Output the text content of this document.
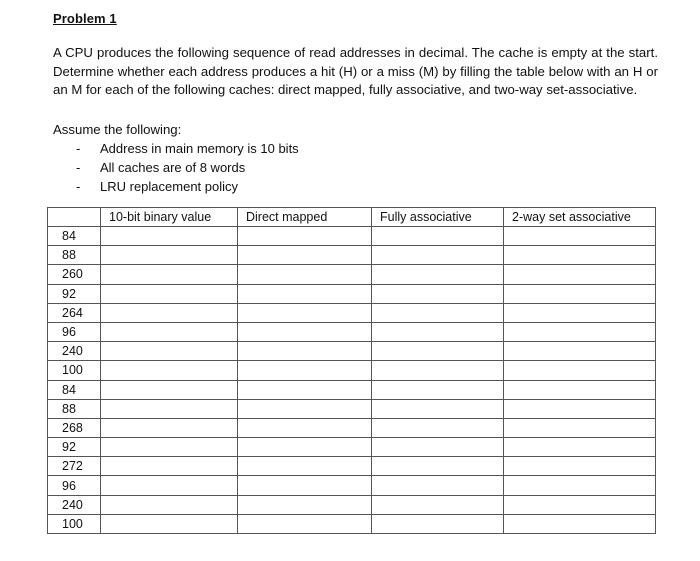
Problem 1
A CPU produces the following sequence of read addresses in decimal. The cache is empty at the start. Determine whether each address produces a hit (H) or a miss (M) by filling the table below with an H or an M for each of the following caches: direct mapped, fully associative, and two-way set-associative.
Assume the following:
-	Address in main memory is 10 bits
-	All caches are of 8 words
-	LRU replacement policy
	10-bit binary value	Direct mapped	Fully associative	2-way set associative
84				
88				
260				
92				
264				
96				
240				
100				
84				
88				
268				
92				
272				
96				
240				
100				
